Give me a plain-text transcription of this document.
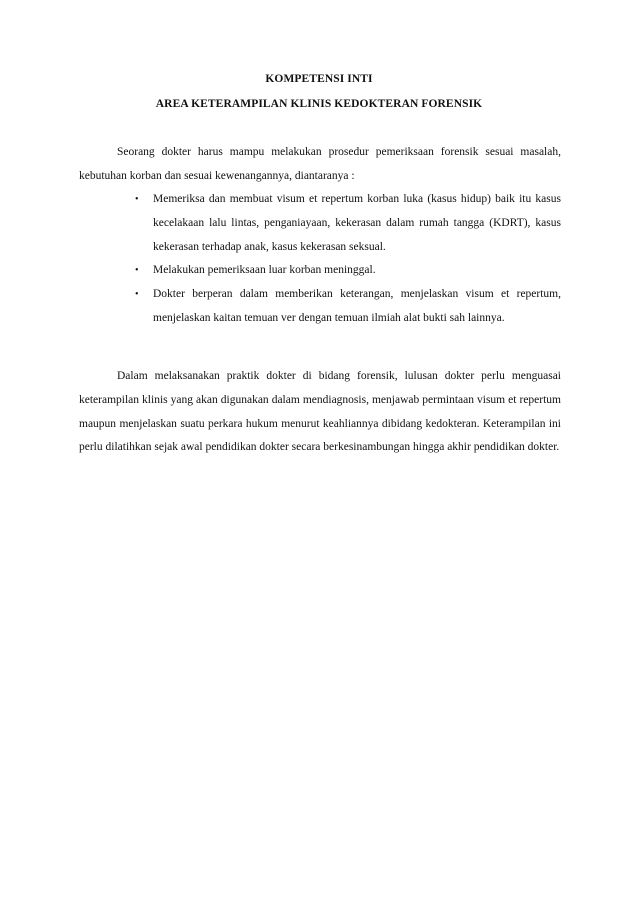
KOMPETENSI INTI
AREA KETERAMPILAN KLINIS KEDOKTERAN FORENSIK

Seorang dokter harus mampu melakukan prosedur pemeriksaan forensik sesuai masalah, kebutuhan korban dan sesuai kewenangannya, diantaranya :

• Memeriksa dan membuat visum et repertum korban luka (kasus hidup) baik itu kasus kecelakaan lalu lintas, penganiayaan, kekerasan dalam rumah tangga (KDRT), kasus kekerasan terhadap anak, kasus kekerasan seksual.
• Melakukan pemeriksaan luar korban meninggal.
• Dokter berperan dalam memberikan keterangan, menjelaskan visum et repertum, menjelaskan kaitan temuan ver dengan temuan ilmiah alat bukti sah lainnya.

Dalam melaksanakan praktik dokter di bidang forensik, lulusan dokter perlu menguasai keterampilan klinis yang akan digunakan dalam mendiagnosis, menjawab permintaan visum et repertum maupun menjelaskan suatu perkara hukum menurut keahliannya dibidang kedokteran. Keterampilan ini perlu dilatihkan sejak awal pendidikan dokter secara berkesinambungan hingga akhir pendidikan dokter.
